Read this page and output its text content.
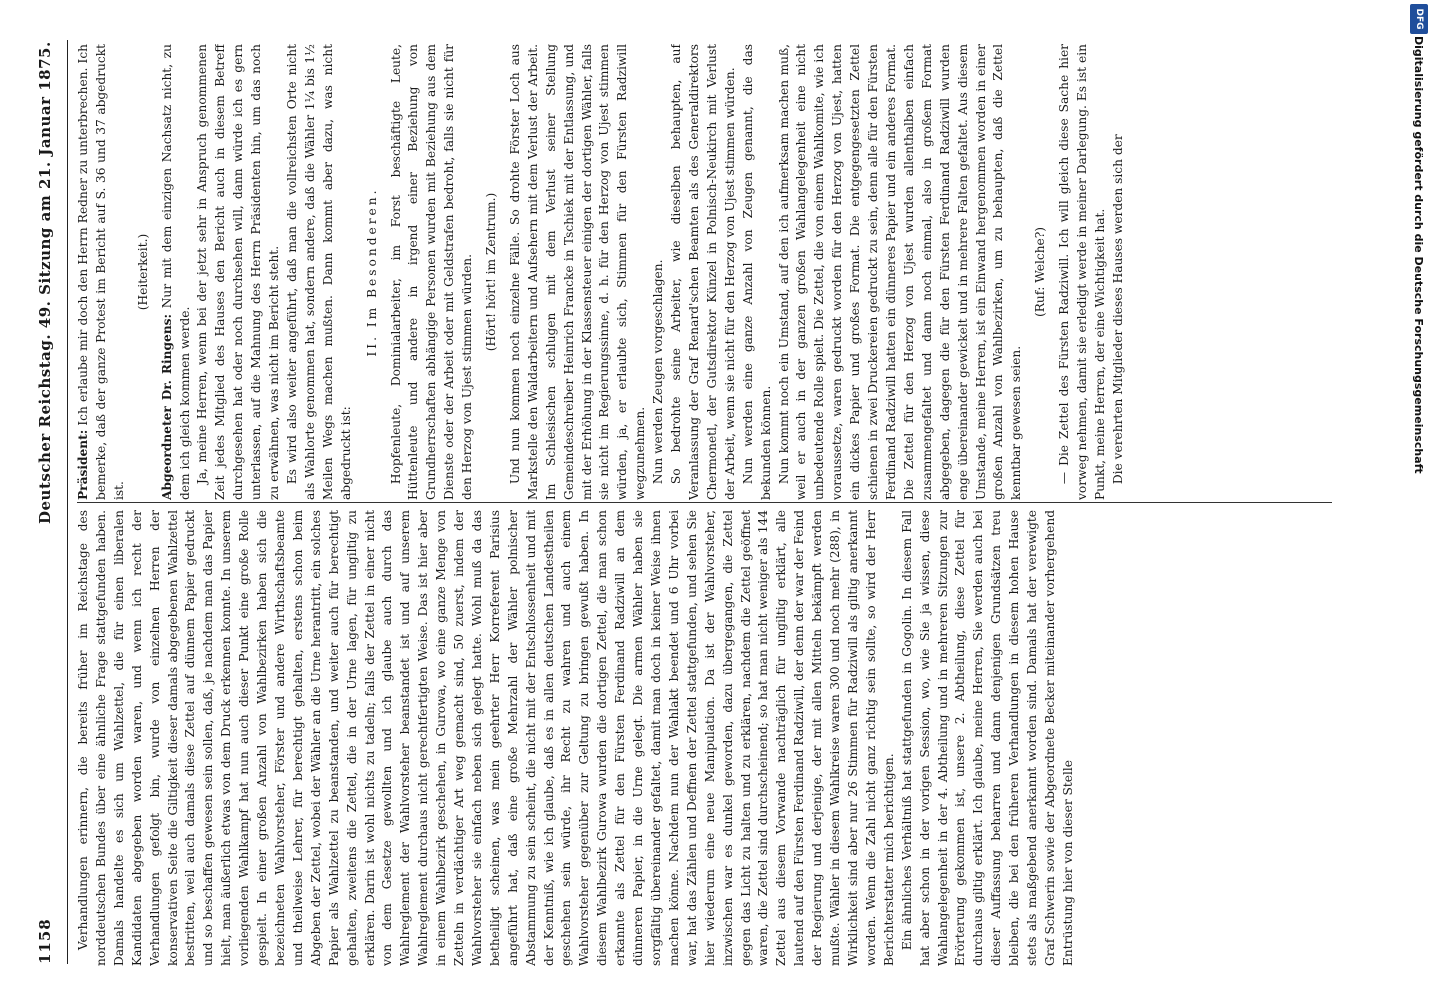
1158
Deutscher Reichstag. 49. Sitzung am 21. Januar 1875. Präsident: Ich erlaube mir doch den Herrn Redner zu unterbrechen. Ich bemerke, daß der ganze Protest im Bericht auf S. 36 und 37 abgedruckt ist.

(Heiterkeit.)

Abgeordneter Dr. Ringens: Nur mit dem einzigen Nachsatz nicht, zu dem ich gleich kommen werde. Ja, meine Herren, wenn bei der jetzt sehr in Anspruch genommenen Zeit jedes Mitglied des Hauses den Bericht auch in diesem Betreff durchgesehen hat oder noch durchsehen will, dann würde ich es gern unterlassen, auf die Mahnung des Herrn Präsidenten hin, um das noch zu erwähnen, was nicht im Bericht steht. Es wird also weiter angeführt, daß man die vollreichsten Orte nicht als Wahlorte genommen hat, sondern andere, daß die Wähler 1¼ bis 1½ Meilen Wegs machen mußten. Dann kommt aber dazu, was nicht abgedruckt ist:

II. Im Besonderen. Hopfenleute, Dominialarbeiter, im Forst beschäftigte Leute, Hüttenleute und andere in irgend einer Beziehung von Grundherrschaften abhängige Personen wurden mit Beziehung aus dem Dienste oder der Arbeit oder mit Geldstrafen bedroht, falls sie nicht für den Herzog von Ujest stimmen würden. (Hört! hört! im Zentrum.) Und nun kommen noch einzelne Fälle. So drohte Förster Loch aus Markstelle den Waldarbeitern und Aufsehern mit dem Verlust der Arbeit. Im Schlesischen schlugen mit dem Verlust seiner Stellung Gemeindeschreiber Heinrich Francke in Tschiek mit der Entlassung, und mit der Erhöhung in der Klassensteuer einigen der dortigen Wähler, falls sie nicht im Regierungssinne, d. h. für den Herzog von Ujest stimmen würden, ja, er erlaubte sich, Stimmen für den Fürsten Radziwill wegzunehmen. Nun werden Zeugen vorgeschlagen. So bedrohte seine Arbeiter, wie dieselben behaupten, auf Veranlassung der Graf Renard'schen Beamten als des Generaldirektors Chermonetl, der Gutsdirektor Künzel in Polnisch-Neukirch mit Verlust der Arbeit, wenn sie nicht für den Herzog von Ujest stimmen würden. Nun werden eine ganze Anzahl von Zeugen genannt, die das bekunden können. Nun kommt noch ein Umstand, auf den ich aufmerksam machen muß, weil er auch in der ganzen großen Wahlangelegenheit eine nicht unbedeutende Rolle spielt. Die Zettel, die von einem Wahlkomite, wie ich voraussetze, waren gedruckt worden für den Herzog von Ujest, hatten ein dickes Papier und großes Format. Die entgegengesetzten Zettel schienen in zwei Druckereien gedruckt zu sein, denn alle für den Fürsten Ferdinand Radziwill hatten ein dünneres Papier und ein anderes Format. Die Zettel für den Herzog von Ujest wurden allenthalben einfach zusammengefaltet und dann noch einmal, also in großem Format abgegeben, dagegen die für den Fürsten Ferdinand Radziwill wurden enge übereinander gewickelt und in mehrere Falten gefaltet. Aus diesem Umstande, meine Herren, ist ein Einwand hergenommen worden in einer großen Anzahl von Wahlbezirken, um zu behaupten, daß die Zettel kenntbar gewesen seien.

(Ruf: Welche?) — Die Zettel des Fürsten Radziwill. Ich will gleich diese Sache hier vorweg nehmen, damit sie erledigt werde in meiner Darlegung. Es ist ein Punkt, meine Herren, der eine Wichtigkeit hat. Die verehrten Mitglieder dieses Hauses werden sich der

Verhandlungen erinnern, die bereits früher im Reichstage des norddeutschen Bundes über eine ähnliche Frage stattgefunden haben. Damals handelte es sich um Wahlzettel, die für einen liberalen Kandidaten abgegeben worden waren, und wenn ich recht der Verhandlungen gefolgt bin, wurde von einzelnen Herren der konservativen Seite die Giltigkeit dieser damals abgegebenen Wahlzettel bestritten, weil auch damals diese Zettel auf dünnem Papier gedruckt und so beschaffen gewesen sein sollen, daß, je nachdem man das Papier hielt, man äußerlich etwas von dem Druck erkennen konnte. In unserem vorliegenden Wahlkampf hat nun auch dieser Punkt eine große Rolle gespielt. In einer großen Anzahl von Wahlbezirken haben sich die bezeichneten Wahlvorsteher, Förster und andere Wirthschaftsbeamte und theilweise Lehrer, für berechtigt gehalten, erstens schon beim Abgeben der Zettel, wobei der Wähler an die Urne herantritt, ein solches Papier als Wahlzettel zu beanstanden, und weiter auch für berechtigt gehalten, zweitens die Zettel, die in der Urne lagen, für ungiltig zu erklären. Darin ist wohl nichts zu tadeln; falls der Zettel in einer nicht von dem Gesetze gewollten und ich glaube auch durch das Wahlreglement der Wahlvorsteher beanstandet ist und auf unserem Wahlreglement durchaus nicht gerechtfertigten Weise. Das ist hier aber in einem Wahlbezirk geschehen, in Gurowa, wo eine ganze Menge von Zetteln in verdächtiger Art weg gemacht sind, 50 zuerst, indem der Wahlvorsteher sie einfach neben sich gelegt hatte. Wohl muß da das betheiligt scheinen, was mein geehrter Herr Korreferent Parisius angeführt hat, daß eine große Mehrzahl der Wähler polnischer Abstammung zu sein scheint, die nicht mit der Entschlossenheit und mit der Kenntniß, wie ich glaube, daß es in allen deutschen Landestheilen geschehen sein würde, ihr Recht zu wahren und auch einem Wahlvorsteher gegenüber zur Geltung zu bringen gewußt haben. In diesem Wahlbezirk Gurowa wurden die dortigen Zettel, die man schon erkannte als Zettel für den Fürsten Ferdinand Radziwill an dem dünneren Papier, in die Urne gelegt. Die armen Wähler haben sie sorgfältig übereinander gefaltet, damit man doch in keiner Weise ihnen machen könne. Nachdem nun der Wahlakt beendet und 6 Uhr vorbei war, hat das Zählen und Deffnen der Zettel stattgefunden, und sehen Sie hier wiederum eine neue Manipulation. Da ist der Wahlvorsteher, inzwischen war es dunkel geworden, dazu übergegangen, die Zettel gegen das Licht zu halten und zu erklären, nachdem die Zettel geöffnet waren, die Zettel sind durchscheinend; so hat man nicht weniger als 144 Zettel aus diesem Vorwande nachträglich für ungiltig erklärt, alle lautend auf den Fürsten Ferdinand Radziwill, der denn der war der Feind der Regierung und derjenige, der mit allen Mitteln bekämpft werden mußte. Wähler in diesem Wahlkreise waren 300 und noch mehr (288), in Wirklichkeit sind aber nur 26 Stimmen für Radziwill als giltig anerkannt worden. Wenn die Zahl nicht ganz richtig sein sollte, so wird der Herr Berichterstatter mich berichtigen. Ein ähnliches Verhältniß hat stattgefunden in Gogolin. In diesem Fall hat aber schon in der vorigen Session, wo, wie Sie ja wissen, diese Wahlangelegenheit in der 4. Abtheilung und in mehreren Sitzungen zur Erörterung gekommen ist, unsere 2. Abtheilung, diese Zettel für durchaus giltig erklärt. Ich glaube, meine Herren, Sie werden auch bei dieser Auffassung beharren und dann denjenigen Grundsätzen treu bleiben, die bei den früheren Verhandlungen in diesem hohen Hause stets als maßgebend anerkannt worden sind. Damals hat der verewigte Graf Schwerin sowie der Abgeordnete Becker miteinander vorhergehend Entrüstung hier von dieser Stelle

Digitalisierung gefördert durch die Deutsche Forschungsgemeinschaft
DFG
